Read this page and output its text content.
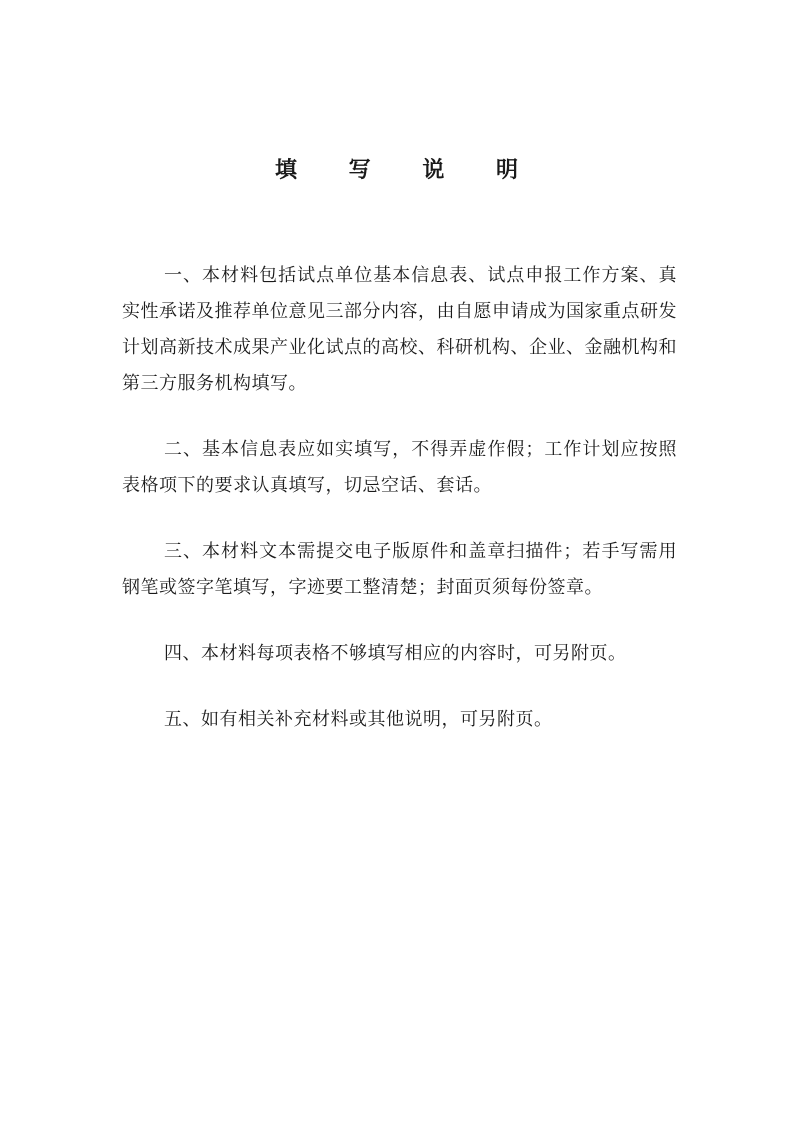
填 写 说 明

一、本材料包括试点单位基本信息表、试点申报工作方案、真实性承诺及推荐单位意见三部分内容，由自愿申请成为国家重点研发计划高新技术成果产业化试点的高校、科研机构、企业、金融机构和第三方服务机构填写。

二、基本信息表应如实填写，不得弄虚作假；工作计划应按照表格项下的要求认真填写，切忌空话、套话。

三、本材料文本需提交电子版原件和盖章扫描件；若手写需用钢笔或签字笔填写，字迹要工整清楚；封面页须每份签章。

四、本材料每项表格不够填写相应的内容时，可另附页。

五、如有相关补充材料或其他说明，可另附页。
